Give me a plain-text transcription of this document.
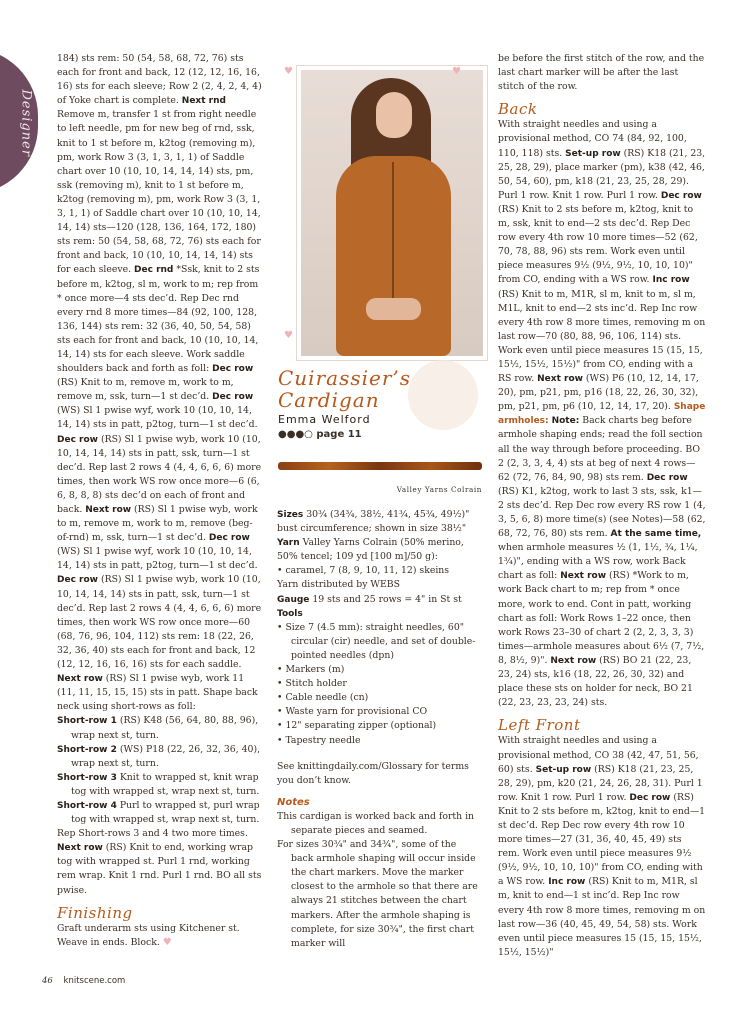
Designer

184) sts rem: 50 (54, 58, 68, 72, 76) sts each for front and back, 12 (12, 12, 16, 16, 16) sts for each sleeve; Row 2 (2, 4, 2, 4, 4) of Yoke chart is complete. Next rnd Remove m, transfer 1 st from right needle to left needle, pm for new beg of rnd, ssk, knit to 1 st before m, k2tog (removing m), pm, work Row 3 (3, 1, 3, 1, 1) of Saddle chart over 10 (10, 10, 14, 14, 14) sts, pm, ssk (removing m), knit to 1 st before m, k2tog (removing m), pm, work Row 3 (3, 1, 3, 1, 1) of Saddle chart over 10 (10, 10, 14, 14, 14) sts—120 (128, 136, 164, 172, 180) sts rem: 50 (54, 58, 68, 72, 76) sts each for front and back, 10 (10, 10, 14, 14, 14) sts for each sleeve. Dec rnd *Ssk, knit to 2 sts before m, k2tog, sl m, work to m; rep from * once more—4 sts dec’d. Rep Dec rnd every rnd 8 more times—84 (92, 100, 128, 136, 144) sts rem: 32 (36, 40, 50, 54, 58) sts each for front and back, 10 (10, 10, 14, 14, 14) sts for each sleeve. Work saddle shoulders back and forth as foll: Dec row (RS) Knit to m, remove m, work to m, remove m, ssk, turn—1 st dec’d. Dec row (WS) Sl 1 pwise wyf, work 10 (10, 10, 14, 14, 14) sts in patt, p2tog, turn—1 st dec’d. Dec row (RS) Sl 1 pwise wyb, work 10 (10, 10, 14, 14, 14) sts in patt, ssk, turn—1 st dec’d. Rep last 2 rows 4 (4, 4, 6, 6, 6) more times, then work WS row once more—6 (6, 6, 8, 8, 8) sts dec’d on each of front and back. Next row (RS) Sl 1 pwise wyb, work to m, remove m, work to m, remove (beg-of-rnd) m, ssk, turn—1 st dec’d. Dec row (WS) Sl 1 pwise wyf, work 10 (10, 10, 14, 14, 14) sts in patt, p2tog, turn—1 st dec’d. Dec row (RS) Sl 1 pwise wyb, work 10 (10, 10, 14, 14, 14) sts in patt, ssk, turn—1 st dec’d. Rep last 2 rows 4 (4, 4, 6, 6, 6) more times, then work WS row once more—60 (68, 76, 96, 104, 112) sts rem: 18 (22, 26, 32, 36, 40) sts each for front and back, 12 (12, 12, 16, 16, 16) sts for each saddle. Next row (RS) Sl 1 pwise wyb, work 11 (11, 11, 15, 15, 15) sts in patt. Shape back neck using short-rows as foll:

Short-row 1 (RS) K48 (56, 64, 80, 88, 96), wrap next st, turn.

Short-row 2 (WS) P18 (22, 26, 32, 36, 40), wrap next st, turn.

Short-row 3 Knit to wrapped st, knit wrap tog with wrapped st, wrap next st, turn.

Short-row 4 Purl to wrapped st, purl wrap tog with wrapped st, wrap next st, turn.

Rep Short-rows 3 and 4 two more times. Next row (RS) Knit to end, working wrap tog with wrapped st. Purl 1 rnd, working rem wrap. Knit 1 rnd. Purl 1 rnd. BO all sts pwise.

Finishing

Graft underarm sts using Kitchener st. Weave in ends. Block. ♥

♥	♥
♥
Cuirassier’s
Cardigan
Emma Welford
●●●○ page 11
Valley Yarns Colrain

Sizes 30¾ (34¾, 38½, 41¾, 45¾, 49½)" bust circumference; shown in size 38½"

Yarn Valley Yarns Colrain (50% merino, 50% tencel; 109 yd [100 m]/50 g):

• caramel, 7 (8, 9, 10, 11, 12) skeins

Yarn distributed by WEBS

Gauge 19 sts and 25 rows = 4" in St st

Tools

• Size 7 (4.5 mm): straight needles, 60" circular (cir) needle, and set of double-pointed needles (dpn)

• Markers (m)

• Stitch holder

• Cable needle (cn)

• Waste yarn for provisional CO

• 12" separating zipper (optional)

• Tapestry needle

See knittingdaily.com/Glossary for terms you don’t know.

Notes

This cardigan is worked back and forth in separate pieces and seamed.

For sizes 30¾" and 34¾", some of the back armhole shaping will occur inside the chart markers. Move the marker closest to the armhole so that there are always 21 stitches between the chart markers. After the armhole shaping is complete, for size 30¾", the first chart marker will

be before the first stitch of the row, and the last chart marker will be after the last stitch of the row.

Back

With straight needles and using a provisional method, CO 74 (84, 92, 100, 110, 118) sts. Set-up row (RS) K18 (21, 23, 25, 28, 29), place marker (pm), k38 (42, 46, 50, 54, 60), pm, k18 (21, 23, 25, 28, 29). Purl 1 row. Knit 1 row. Purl 1 row. Dec row (RS) Knit to 2 sts before m, k2tog, knit to m, ssk, knit to end—2 sts dec’d. Rep Dec row every 4th row 10 more times—52 (62, 70, 78, 88, 96) sts rem. Work even until piece measures 9½ (9½, 9½, 10, 10, 10)" from CO, ending with a WS row. Inc row (RS) Knit to m, M1R, sl m, knit to m, sl m, M1L, knit to end—2 sts inc’d. Rep Inc row every 4th row 8 more times, removing m on last row—70 (80, 88, 96, 106, 114) sts. Work even until piece measures 15 (15, 15, 15½, 15½, 15½)" from CO, ending with a RS row. Next row (WS) P6 (10, 12, 14, 17, 20), pm, p21, pm, p16 (18, 22, 26, 30, 32), pm, p21, pm, p6 (10, 12, 14, 17, 20). Shape armholes: Note: Back charts beg before armhole shaping ends; read the foll section all the way through before proceeding. BO 2 (2, 3, 3, 4, 4) sts at beg of next 4 rows—62 (72, 76, 84, 90, 98) sts rem. Dec row (RS) K1, k2tog, work to last 3 sts, ssk, k1—2 sts dec’d. Rep Dec row every RS row 1 (4, 3, 5, 6, 8) more time(s) (see Notes)—58 (62, 68, 72, 76, 80) sts rem. At the same time, when armhole measures ½ (1, 1½, ¾, 1¼, 1¾)", ending with a WS row, work Back chart as foll: Next row (RS) *Work to m, work Back chart to m; rep from * once more, work to end. Cont in patt, working chart as foll: Work Rows 1–22 once, then work Rows 23–30 of chart 2 (2, 2, 3, 3, 3) times—armhole measures about 6½ (7, 7½, 8, 8½, 9)". Next row (RS) BO 21 (22, 23, 23, 24) sts, k16 (18, 22, 26, 30, 32) and place these sts on holder for neck, BO 21 (22, 23, 23, 23, 24) sts.

Left Front

With straight needles and using a provisional method, CO 38 (42, 47, 51, 56, 60) sts. Set-up row (RS) K18 (21, 23, 25, 28, 29), pm, k20 (21, 24, 26, 28, 31). Purl 1 row. Knit 1 row. Purl 1 row. Dec row (RS) Knit to 2 sts before m, k2tog, knit to end—1 st dec’d. Rep Dec row every 4th row 10 more times—27 (31, 36, 40, 45, 49) sts rem. Work even until piece measures 9½ (9½, 9½, 10, 10, 10)" from CO, ending with a WS row. Inc row (RS) Knit to m, M1R, sl m, knit to end—1 st inc’d. Rep Inc row every 4th row 8 more times, removing m on last row—36 (40, 45, 49, 54, 58) sts. Work even until piece measures 15 (15, 15, 15½, 15½, 15½)"

46 knitscene.com
